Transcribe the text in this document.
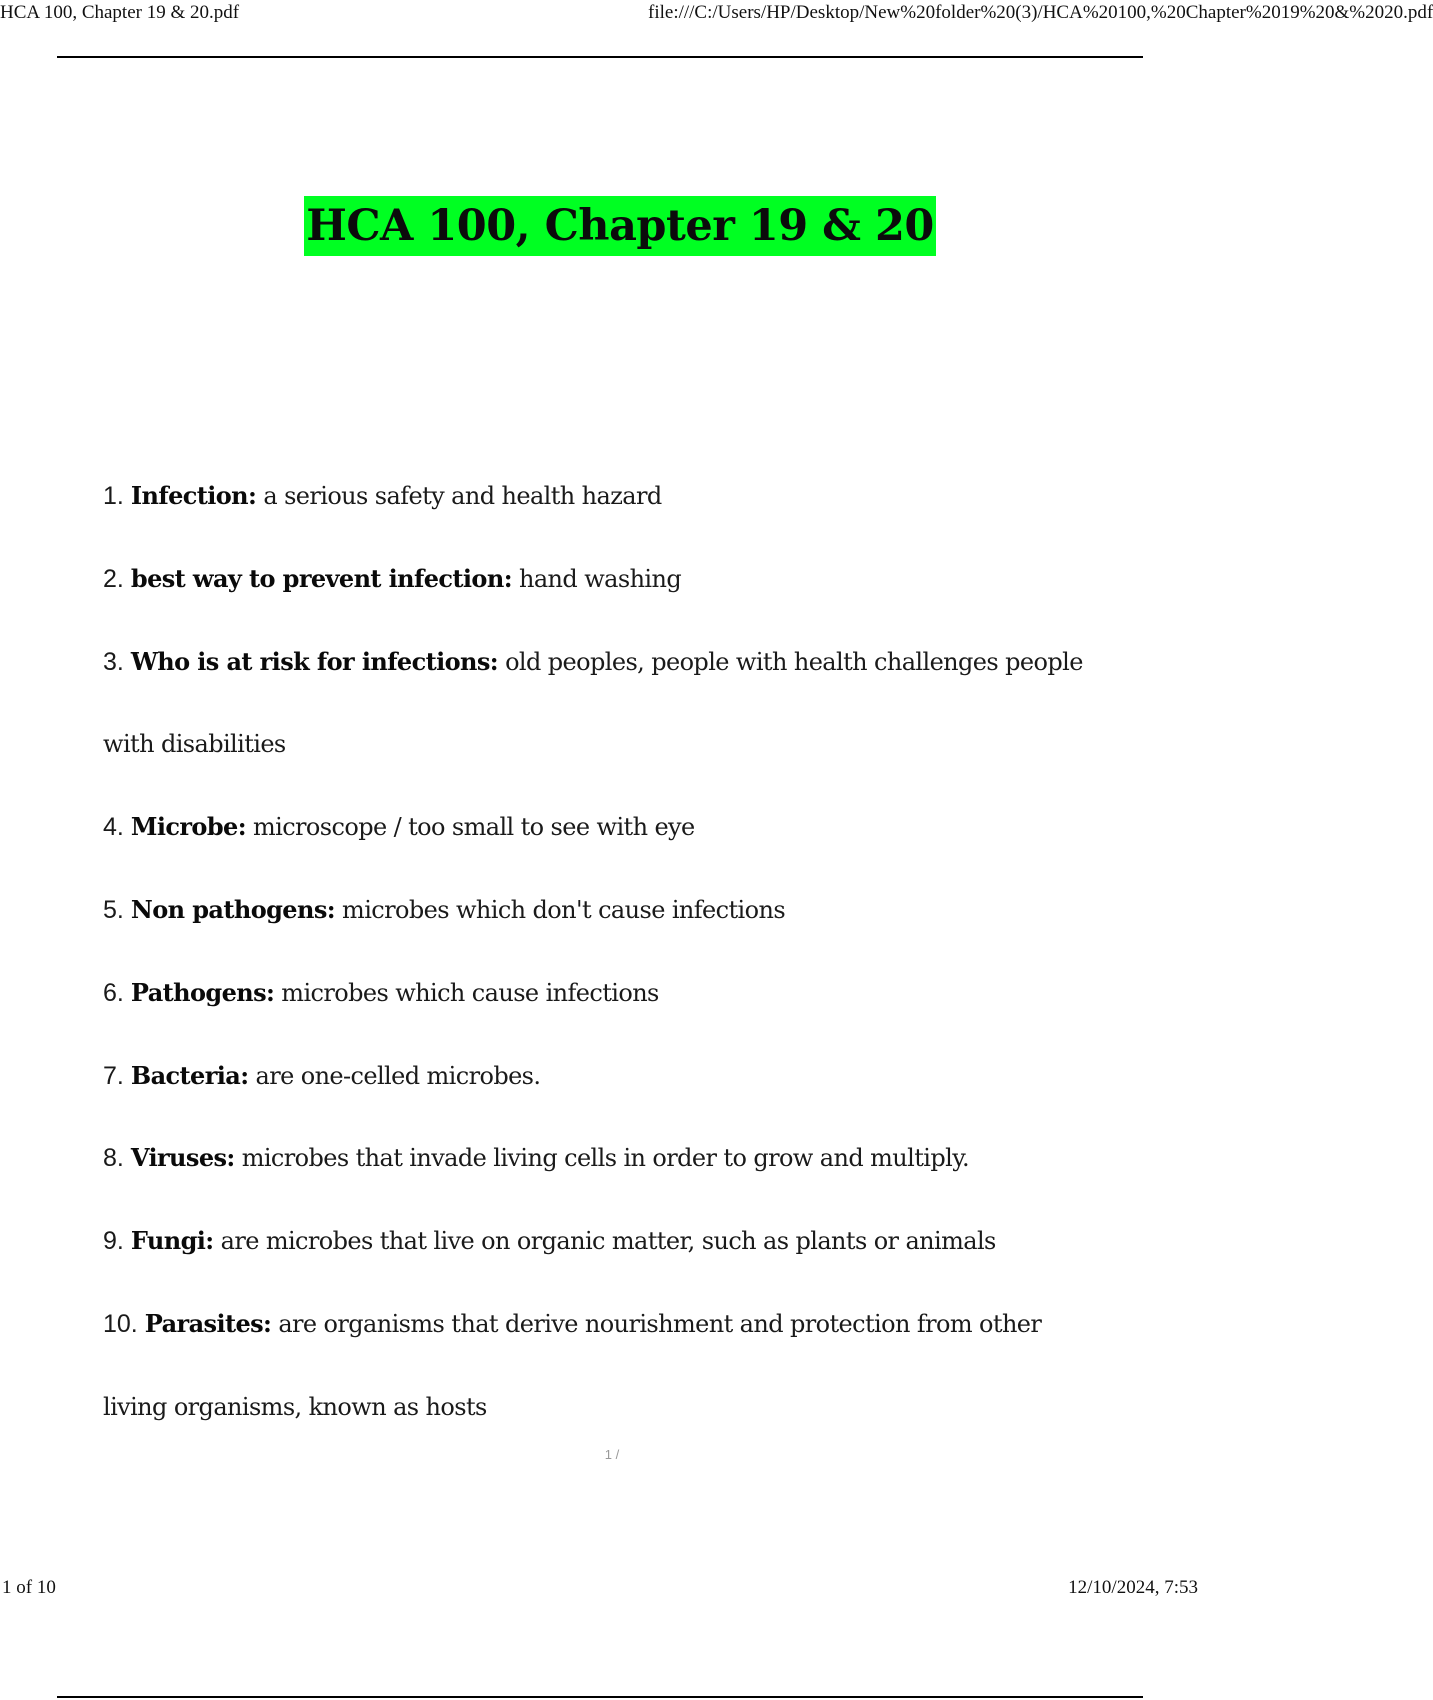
HCA 100, Chapter 19 & 20.pdf	file:///C:/Users/HP/Desktop/New%20folder%20(3)/HCA%20100,%20Chapter%2019%20&%2020.pdf
HCA 100, Chapter 19 & 20
1. Infection: a serious safety and health hazard
2. best way to prevent infection: hand washing
3. Who is at risk for infections: old peoples, people with health challenges people with disabilities
4. Microbe: microscope / too small to see with eye
5. Non pathogens: microbes which don't cause infections
6. Pathogens: microbes which cause infections
7. Bacteria: are one-celled microbes.
8. Viruses: microbes that invade living cells in order to grow and multiply.
9. Fungi: are microbes that live on organic matter, such as plants or animals
10. Parasites: are organisms that derive nourishment and protection from other living organisms, known as hosts
1 /
1 of 10	12/10/2024, 7:53
